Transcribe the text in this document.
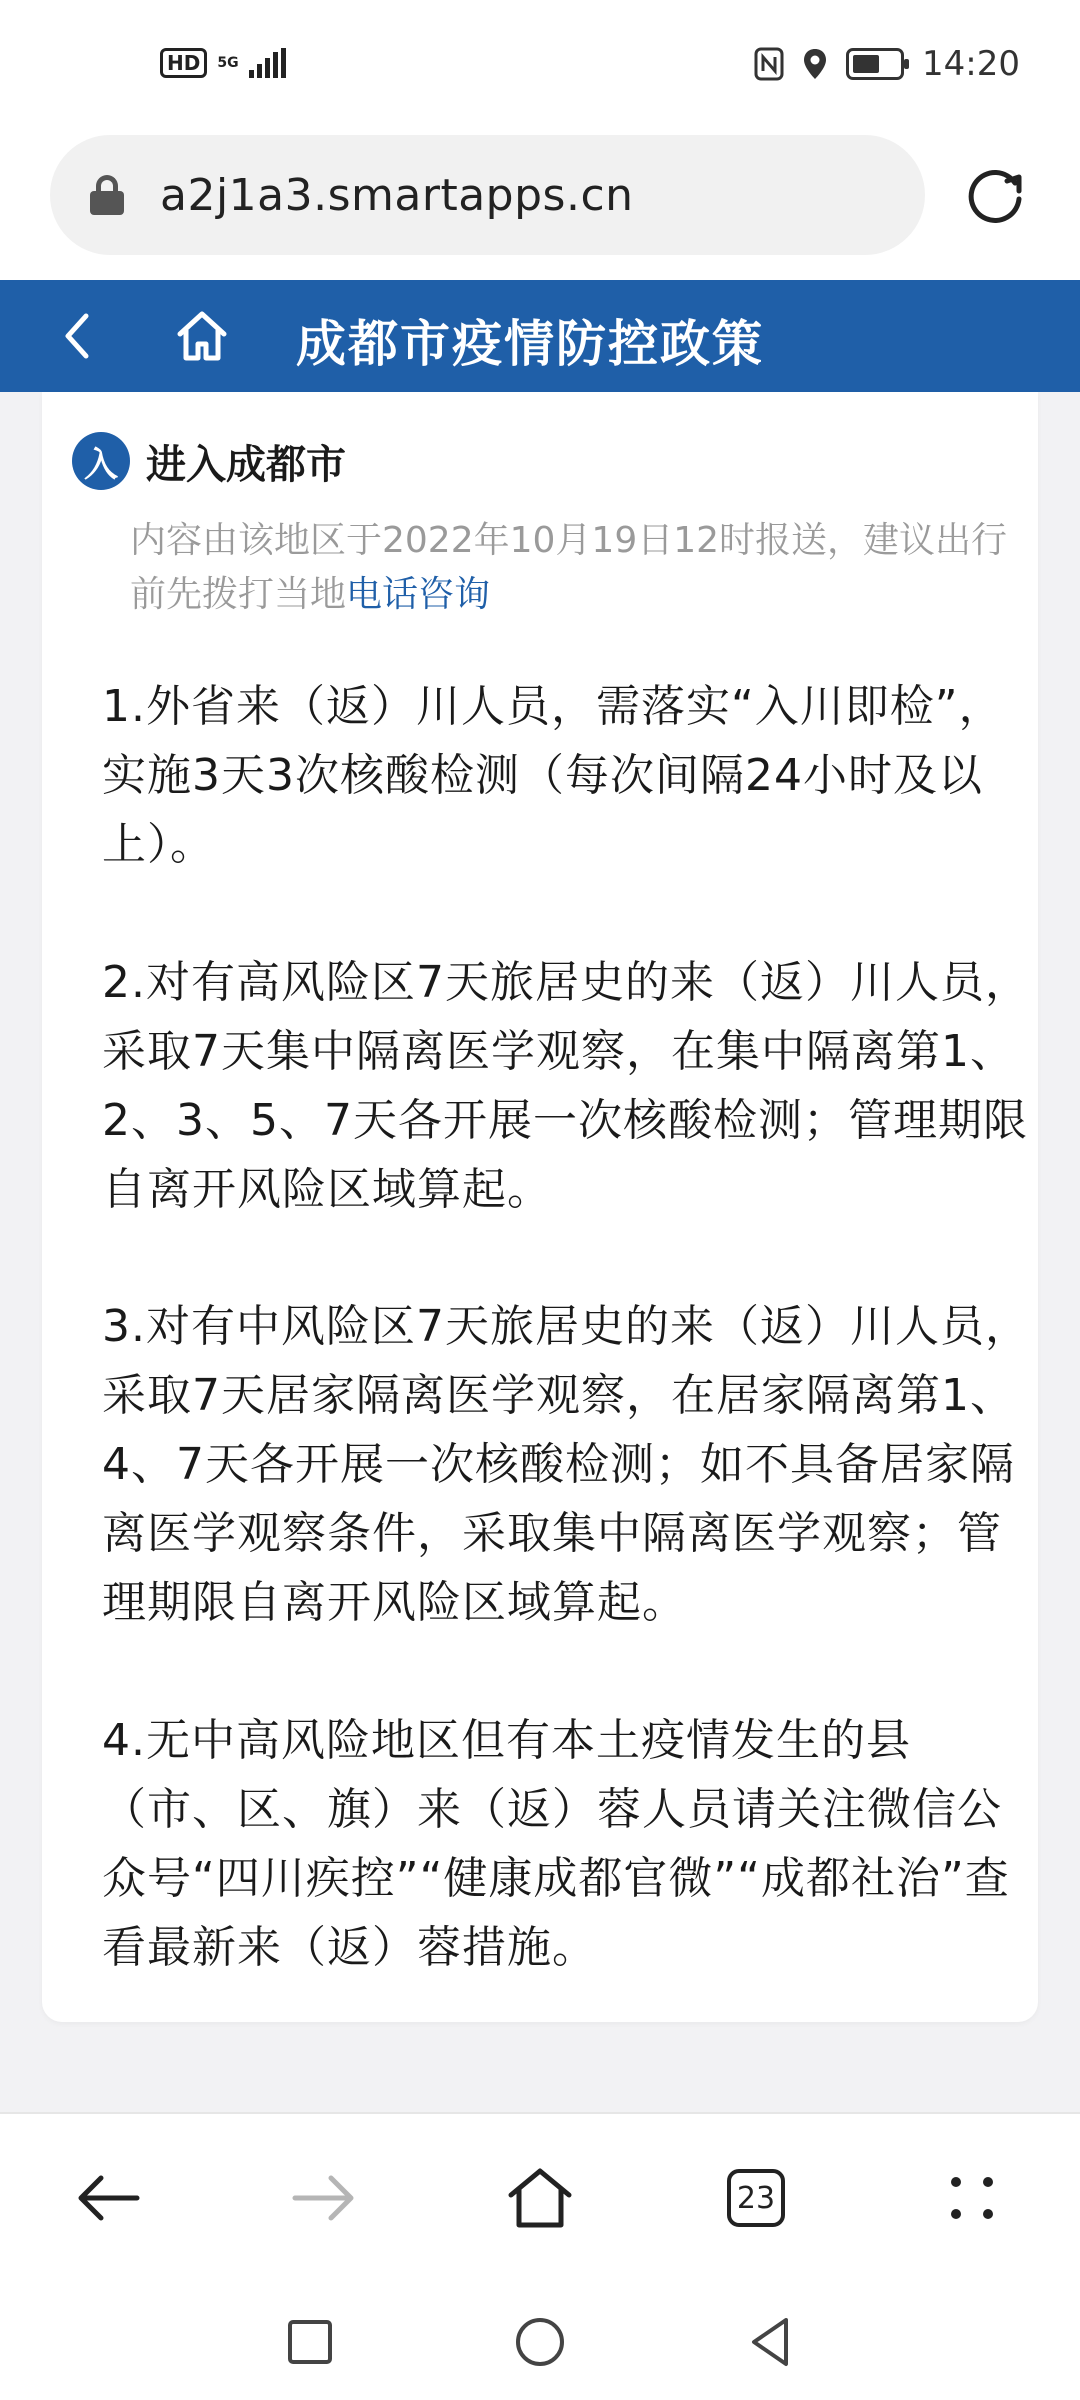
HD	5G	14:20
a2j1a3.smartapps.cn
成都市疫情防控政策
入 进入成都市
内容由该地区于2022年10月19日12时报送，建议出行前先拨打当地电话咨询
1.外省来（返）川人员，需落实“入川即检”，实施3天3次核酸检测（每次间隔24小时及以上）。
2.对有高风险区7天旅居史的来（返）川人员，采取7天集中隔离医学观察，在集中隔离第1、2、3、5、7天各开展一次核酸检测；管理期限自离开风险区域算起。
3.对有中风险区7天旅居史的来（返）川人员，采取7天居家隔离医学观察，在居家隔离第1、4、7天各开展一次核酸检测；如不具备居家隔离医学观察条件，采取集中隔离医学观察；管理期限自离开风险区域算起。
4.无中高风险地区但有本土疫情发生的县（市、区、旗）来（返）蓉人员请关注微信公众号“四川疾控”“健康成都官微”“成都社治”查看最新来（返）蓉措施。
23
